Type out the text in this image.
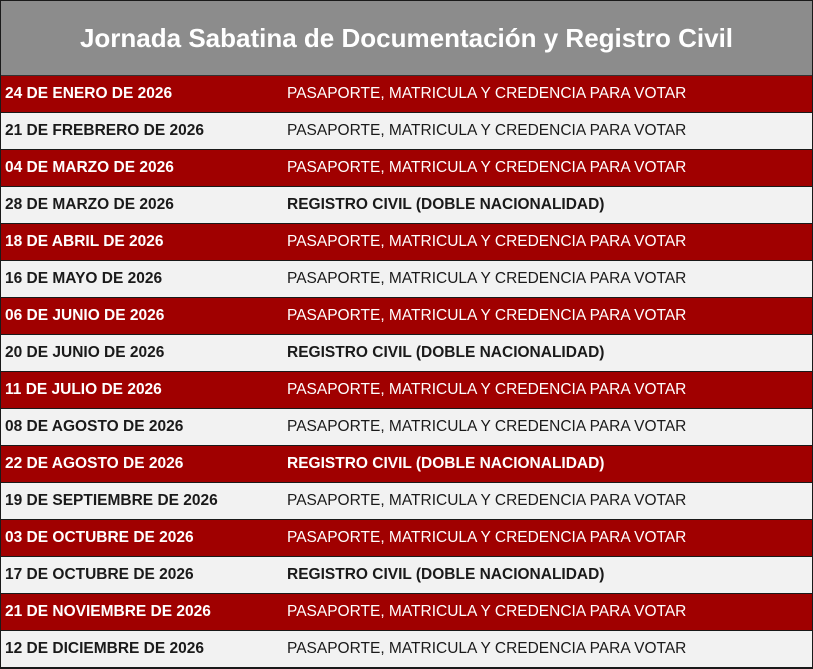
Jornada Sabatina de Documentación y Registro Civil
24 DE ENERO DE 2026	PASAPORTE, MATRICULA Y CREDENCIA PARA VOTAR
21 DE FREBRERO DE 2026	PASAPORTE, MATRICULA Y CREDENCIA PARA VOTAR
04 DE MARZO DE 2026	PASAPORTE, MATRICULA Y CREDENCIA PARA VOTAR
28 DE MARZO DE 2026	REGISTRO CIVIL (DOBLE NACIONALIDAD)
18 DE ABRIL DE 2026	PASAPORTE, MATRICULA Y CREDENCIA PARA VOTAR
16 DE MAYO DE 2026	PASAPORTE, MATRICULA Y CREDENCIA PARA VOTAR
06 DE JUNIO DE 2026	PASAPORTE, MATRICULA Y CREDENCIA PARA VOTAR
20 DE JUNIO DE 2026	REGISTRO CIVIL (DOBLE NACIONALIDAD)
11 DE JULIO DE 2026	PASAPORTE, MATRICULA Y CREDENCIA PARA VOTAR
08 DE AGOSTO DE 2026	PASAPORTE, MATRICULA Y CREDENCIA PARA VOTAR
22 DE AGOSTO DE 2026	REGISTRO CIVIL (DOBLE NACIONALIDAD)
19 DE SEPTIEMBRE DE 2026	PASAPORTE, MATRICULA Y CREDENCIA PARA VOTAR
03 DE OCTUBRE DE 2026	PASAPORTE, MATRICULA Y CREDENCIA PARA VOTAR
17 DE OCTUBRE DE 2026	REGISTRO CIVIL (DOBLE NACIONALIDAD)
21 DE NOVIEMBRE DE 2026	PASAPORTE, MATRICULA Y CREDENCIA PARA VOTAR
12 DE DICIEMBRE DE 2026	PASAPORTE, MATRICULA Y CREDENCIA PARA VOTAR
